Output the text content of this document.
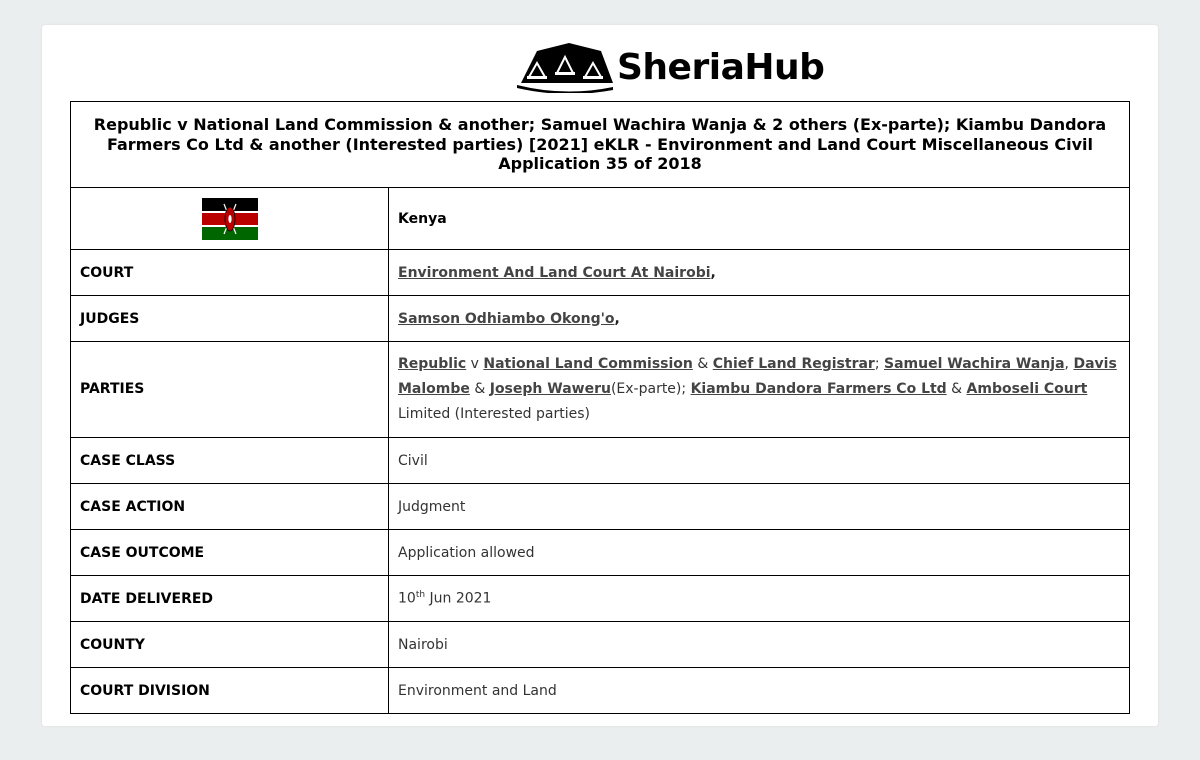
SheriaHub
Republic v National Land Commission & another; Samuel Wachira Wanja & 2 others (Ex-parte); Kiambu Dandora Farmers Co Ltd & another (Interested parties) [2021] eKLR - Environment and Land Court Miscellaneous Civil Application 35 of 2018	
	Kenya
COURT	Environment And Land Court At Nairobi,
JUDGES	Samson Odhiambo Okong'o,
PARTIES	Republic v National Land Commission & Chief Land Registrar; Samuel Wachira Wanja, Davis Malombe & Joseph Waweru(Ex-parte); Kiambu Dandora Farmers Co Ltd & Amboseli Court Limited (Interested parties)
CASE CLASS	Civil
CASE ACTION	Judgment
CASE OUTCOME	Application allowed
DATE DELIVERED	10th Jun 2021
COUNTY	Nairobi
COURT DIVISION	Environment and Land
